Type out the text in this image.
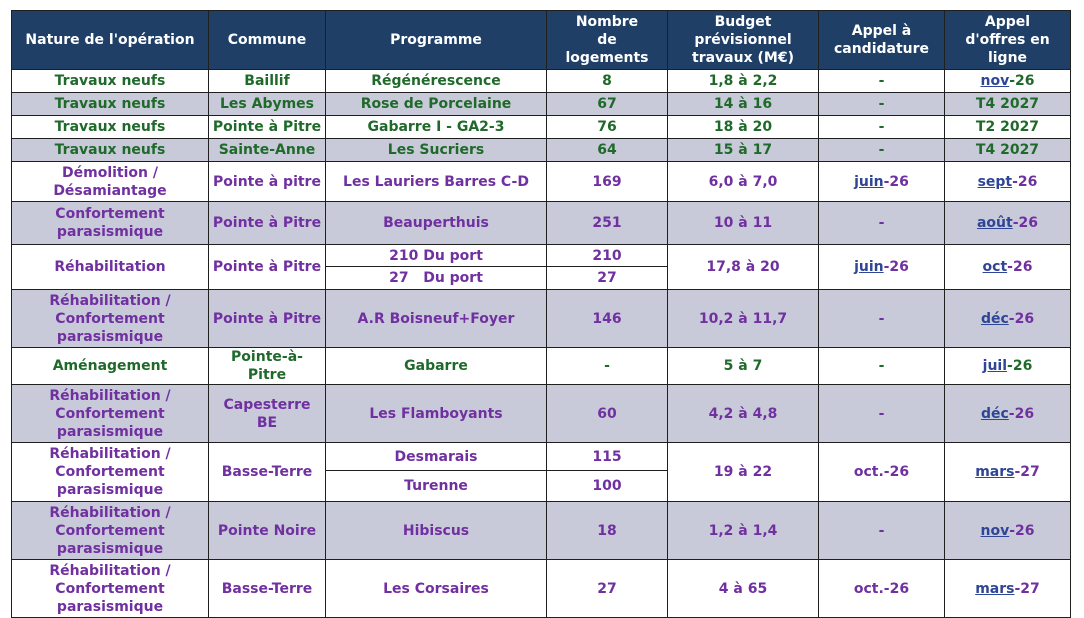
Nature de l'opération	Commune	Programme	Nombre de logements	Budget prévisionnel travaux (M€)	Appel à candidature	Appel d'offres en ligne
Travaux neufs	Baillif	Régénérescence	8	1,8 à 2,2	-	nov-26
Travaux neufs	Les Abymes	Rose de Porcelaine	67	14 à 16	-	T4 2027
Travaux neufs	Pointe à Pitre	Gabarre I - GA2-3	76	18 à 20	-	T2 2027
Travaux neufs	Sainte-Anne	Les Sucriers	64	15 à 17	-	T4 2027
Démolition / Désamiantage	Pointe à pitre	Les Lauriers Barres C-D	169	6,0 à 7,0	juin-26	sept-26
Confortement parasismique	Pointe à Pitre	Beauperthuis	251	10 à 11	-	août-26
Réhabilitation	Pointe à Pitre	210 Du port	210	17,8 à 20	juin-26	oct-26
		27   Du port	27			
Réhabilitation / Confortement parasismique	Pointe à Pitre	A.R Boisneuf+Foyer	146	10,2 à 11,7	-	déc-26
Aménagement	Pointe-à-Pitre	Gabarre	-	5 à 7	-	juil-26
Réhabilitation / Confortement parasismique	Capesterre BE	Les Flamboyants	60	4,2 à 4,8	-	déc-26
Réhabilitation / Confortement parasismique	Basse-Terre	Desmarais	115	19 à 22	oct.-26	mars-27
		Turenne	100			
Réhabilitation / Confortement parasismique	Pointe Noire	Hibiscus	18	1,2 à 1,4	-	nov-26
Réhabilitation / Confortement parasismique	Basse-Terre	Les Corsaires	27	4 à 65	oct.-26	mars-27
